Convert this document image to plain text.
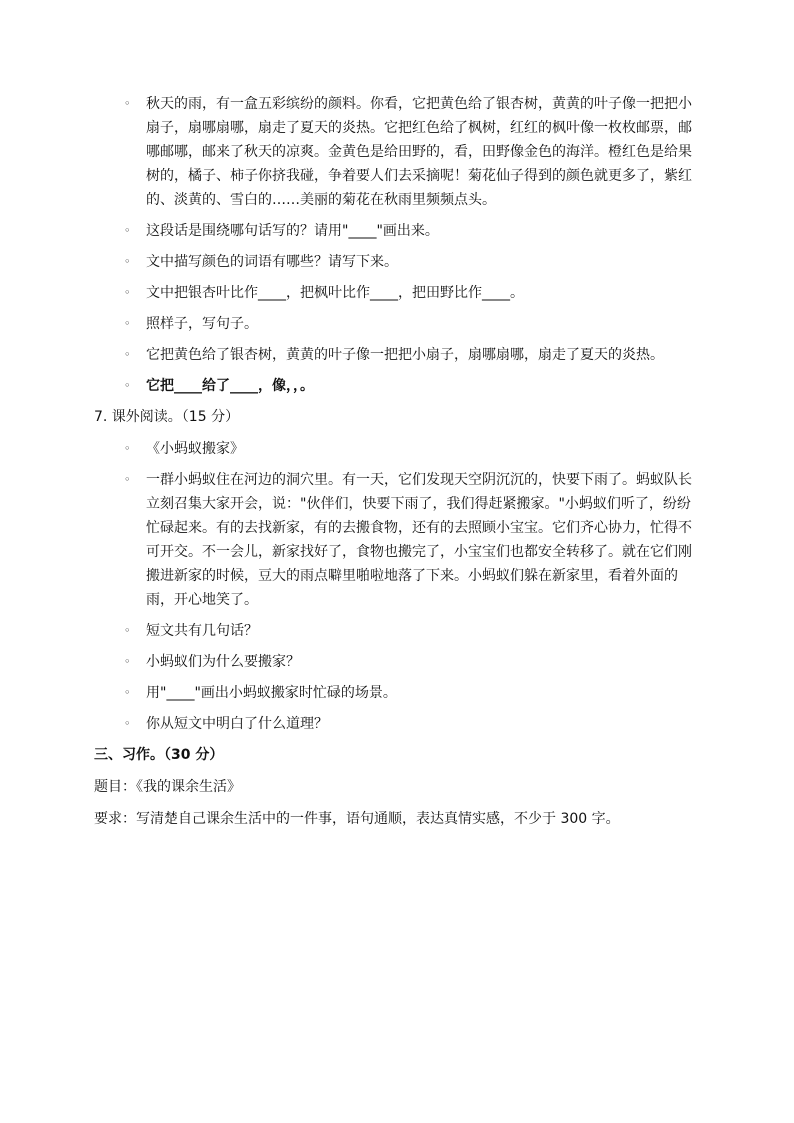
◦	秋天的雨，有一盒五彩缤纷的颜料。你看，它把黄色给了银杏树，黄黄的叶子像一把把小扇子，扇哪扇哪，扇走了夏天的炎热。它把红色给了枫树，红红的枫叶像一枚枚邮票，邮哪邮哪，邮来了秋天的凉爽。金黄色是给田野的，看，田野像金色的海洋。橙红色是给果树的，橘子、柿子你挤我碰，争着要人们去采摘呢！菊花仙子得到的颜色就更多了，紫红的、淡黄的、雪白的……美丽的菊花在秋雨里频频点头。
◦	这段话是围绕哪句话写的？请用"____"画出来。
◦	文中描写颜色的词语有哪些？请写下来。
◦	文中把银杏叶比作____，把枫叶比作____，把田野比作____。
◦	照样子，写句子。
◦	它把黄色给了银杏树，黄黄的叶子像一把把小扇子，扇哪扇哪，扇走了夏天的炎热。
◦	它把____给了____，像，，。
7. 课外阅读。（15 分）
◦	《小蚂蚁搬家》
◦	一群小蚂蚁住在河边的洞穴里。有一天，它们发现天空阴沉沉的，快要下雨了。蚂蚁队长立刻召集大家开会，说："伙伴们，快要下雨了，我们得赶紧搬家。"小蚂蚁们听了，纷纷忙碌起来。有的去找新家，有的去搬食物，还有的去照顾小宝宝。它们齐心协力，忙得不可开交。不一会儿，新家找好了，食物也搬完了，小宝宝们也都安全转移了。就在它们刚搬进新家的时候，豆大的雨点噼里啪啦地落了下来。小蚂蚁们躲在新家里，看着外面的雨，开心地笑了。
◦	短文共有几句话？
◦	小蚂蚁们为什么要搬家？
◦	用"____"画出小蚂蚁搬家时忙碌的场景。
◦	你从短文中明白了什么道理？
三、习作。（30 分）
题目：《我的课余生活》
要求：写清楚自己课余生活中的一件事，语句通顺，表达真情实感，不少于 300 字。
